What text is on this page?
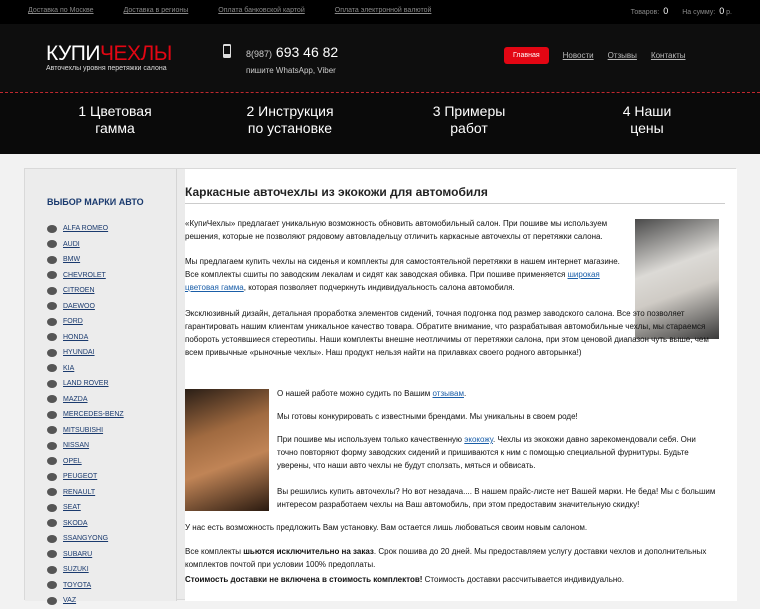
Доставка по Москве	Доставка в регионы	Оплата банковской картой	Оплата электронной валютой	Товаров: 0 На сумму: 0 р.
КУПИЧЕХЛЫ
Авточехлы уровня перетяжки салона
8(987) 693 46 82
пишите WhatsApp, Viber
Главная	Новости Отзывы Контакты
1 Цветовая
гамма
2 Инструкция
по установке
3 Примеры
работ
4 Наши
цены
ВЫБОР МАРКИ АВТО
ALFA ROMEO
AUDI
BMW
CHEVROLET
CITROEN
DAEWOO
FORD
HONDA
HYUNDAI
KIA
LAND ROVER
MAZDA
MERCEDES-BENZ
MITSUBISHI
NISSAN
OPEL
PEUGEOT
RENAULT
SEAT
SKODA
SSANGYONG
SUBARU
SUZUKI
TOYOTA
VAZ
Каркасные авточехлы из экокожи для автомобиля
«КупиЧехлы» предлагает уникальную возможность обновить автомобильный салон. При пошиве мы используем решения, которые не позволяют рядовому автовладельцу отличить каркасные авточехлы от перетяжки салона.
Мы предлагаем купить чехлы на сиденья и комплекты для самостоятельной перетяжки в нашем интернет магазине. Все комплекты сшиты по заводским лекалам и сидят как заводская обивка. При пошиве применяется широкая цветовая гамма, которая позволяет подчеркнуть индивидуальность салона автомобиля.
Эксклюзивный дизайн, детальная проработка элементов сидений, точная подгонка под размер заводского салона. Все это позволяет гарантировать нашим клиентам уникальное качество товара. Обратите внимание, что разрабатывая автомобильные чехлы, мы стараемся побороть устоявшиеся стереотипы. Наши комплекты внешне неотличимы от перетяжки салона, при этом ценовой диапазон чуть выше, чем всем привычные «рыночные чехлы». Наш продукт нельзя найти на прилавках своего родного авторынка!)
О нашей работе можно судить по Вашим отзывам.
Мы готовы конкурировать с известными брендами. Мы уникальны в своем роде!
При пошиве мы используем только качественную экокожу. Чехлы из экокожи давно зарекомендовали себя. Они точно повторяют форму заводских сидений и пришиваются к ним с помощью специальной фурнитуры. Будьте уверены, что наши авто чехлы не будут сползать, мяться и обвисать.
Вы решились купить авточехлы? Но вот незадача.... В нашем прайс-листе нет Вашей марки. Не беда! Мы с большим интересом разработаем чехлы на Ваш автомобиль, при этом предоставим значительную скидку!
У нас есть возможность предложить Вам установку. Вам остается лишь любоваться своим новым салоном.
Все комплекты шьются исключительно на заказ. Срок пошива до 20 дней. Мы предоставляем услугу доставки чехлов и дополнительных комплектов почтой при условии 100% предоплаты.
Стоимость доставки не включена в стоимость комплектов! Стоимость доставки рассчитывается индивидуально.
